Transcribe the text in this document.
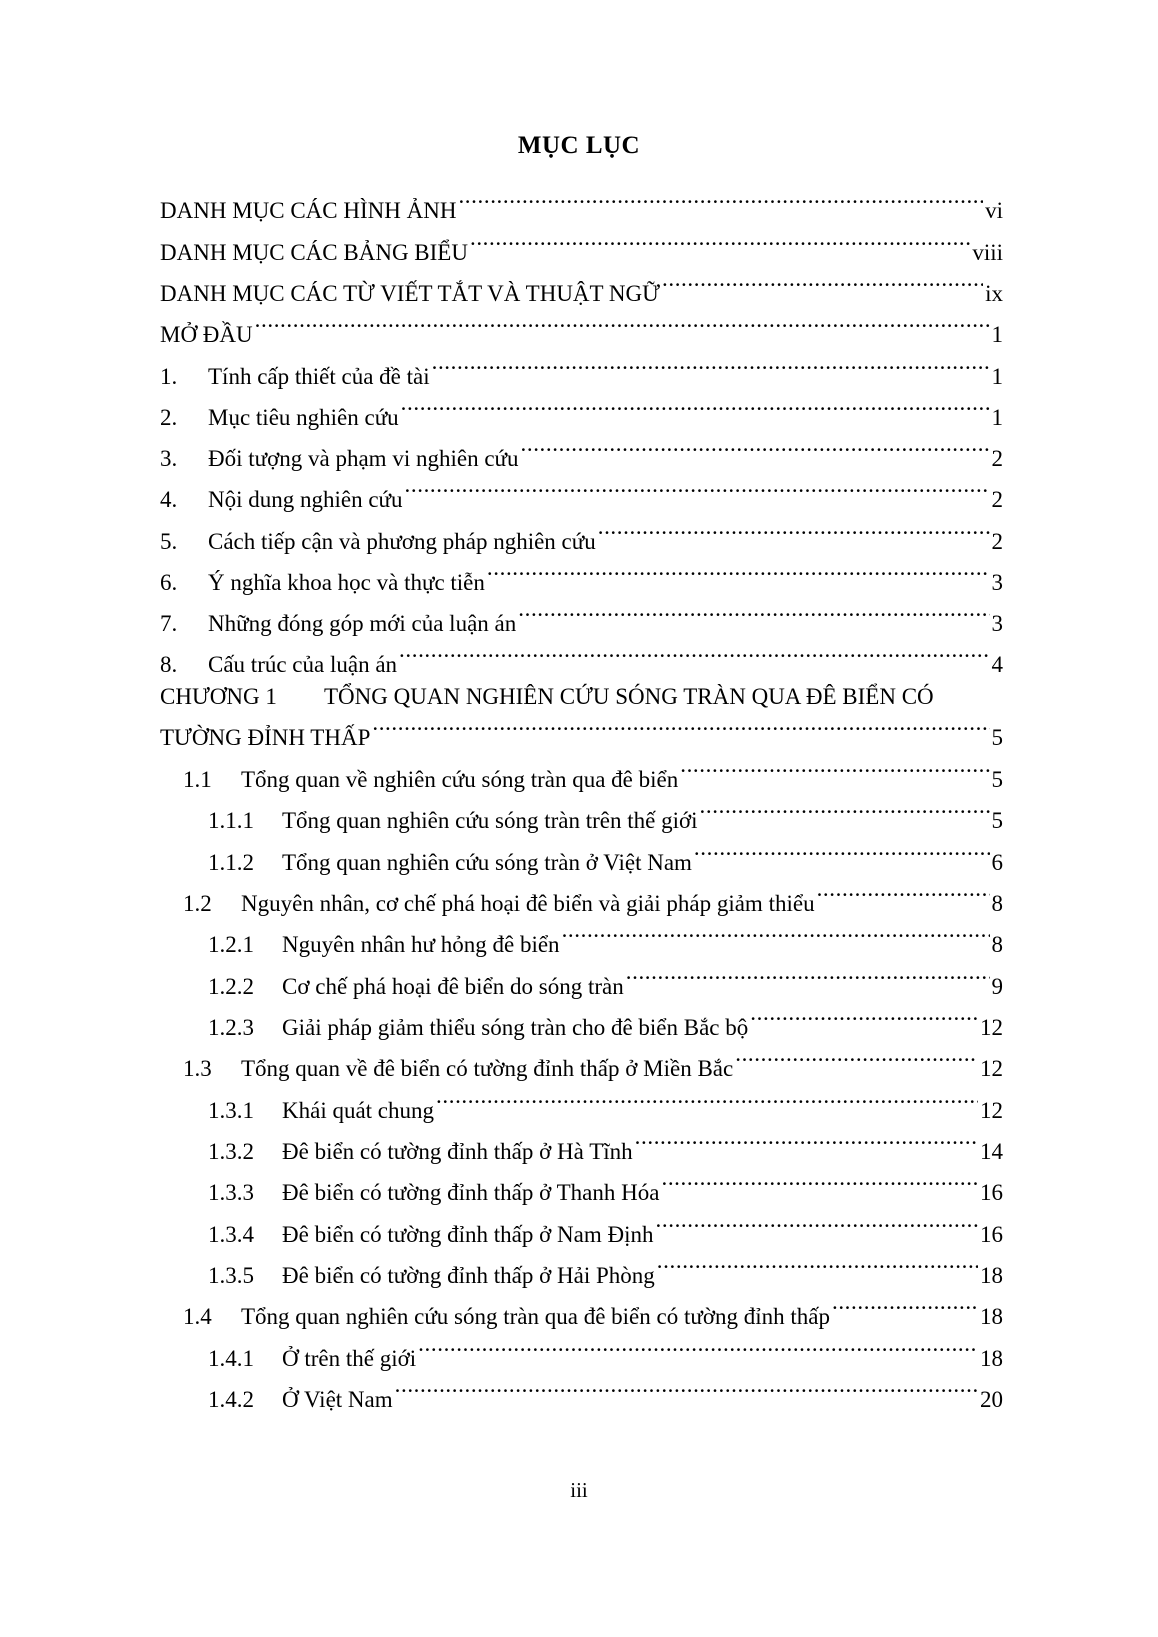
MỤC LỤC
DANH MỤC CÁC HÌNH ẢNH .....	vi
DANH MỤC CÁC BẢNG BIỂU .....	viii
DANH MỤC CÁC TỪ VIẾT TẮT VÀ THUẬT NGỮ .....	ix
MỞ ĐẦU .....	1
1.	Tính cấp thiết của đề tài .....	1
2.	Mục tiêu nghiên cứu .....	1
3.	Đối tượng và phạm vi nghiên cứu .....	2
4.	Nội dung nghiên cứu .....	2
5.	Cách tiếp cận và phương pháp nghiên cứu .....	2
6.	Ý nghĩa khoa học và thực tiễn .....	3
7.	Những đóng góp mới của luận án .....	3
8.	Cấu trúc của luận án .....	4
CHƯƠNG 1 TỔNG QUAN NGHIÊN CỨU SÓNG TRÀN QUA ĐÊ BIỂN CÓ
TƯỜNG ĐỈNH THẤP .....	5
1.1	Tổng quan về nghiên cứu sóng tràn qua đê biển .....	5
1.1.1	Tổng quan nghiên cứu sóng tràn trên thế giới .....	5
1.1.2	Tổng quan nghiên cứu sóng tràn ở Việt Nam .....	6
1.2	Nguyên nhân, cơ chế phá hoại đê biển và giải pháp giảm thiểu .....	8
1.2.1	Nguyên nhân hư hỏng đê biển .....	8
1.2.2	Cơ chế phá hoại đê biển do sóng tràn .....	9
1.2.3	Giải pháp giảm thiểu sóng tràn cho đê biển Bắc bộ .....	12
1.3	Tổng quan về đê biển có tường đỉnh thấp ở Miền Bắc .....	12
1.3.1	Khái quát chung .....	12
1.3.2	Đê biển có tường đỉnh thấp ở Hà Tĩnh .....	14
1.3.3	Đê biển có tường đỉnh thấp ở Thanh Hóa .....	16
1.3.4	Đê biển có tường đỉnh thấp ở Nam Định .....	16
1.3.5	Đê biển có tường đỉnh thấp ở Hải Phòng .....	18
1.4	Tổng quan nghiên cứu sóng tràn qua đê biển có tường đỉnh thấp .....	18
1.4.1	Ở trên thế giới .....	18
1.4.2	Ở Việt Nam .....	20
iii
